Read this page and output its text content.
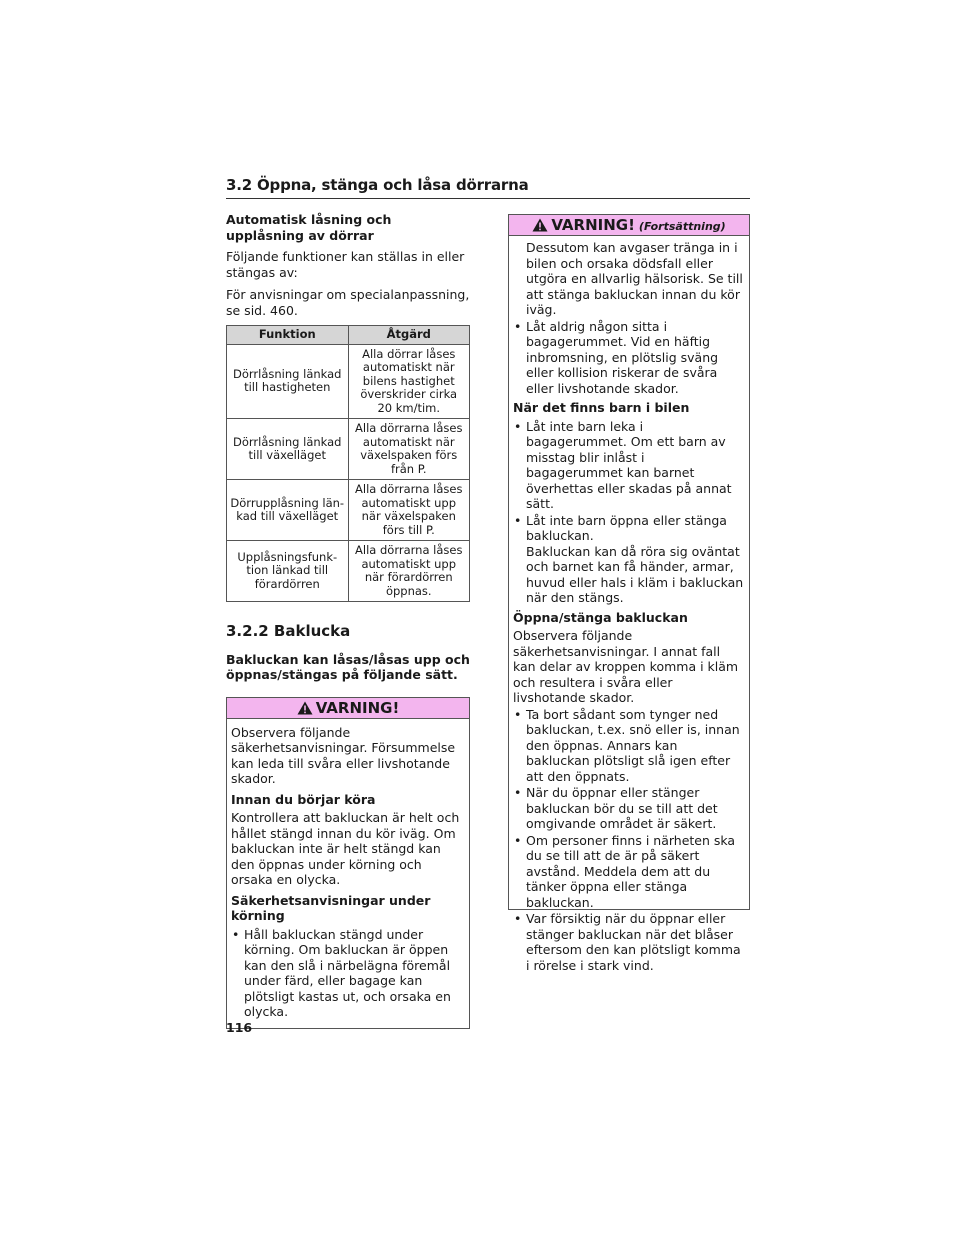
3.2 Öppna, stänga och låsa dörrarna
Automatisk låsning och upplåsning av dörrar

Följande funktioner kan ställas in eller stängas av:

För anvisningar om specialanpassning, se sid. 460.

Funktion	Åtgärd
Dörrlåsning länkad till hastigheten	Alla dörrar låses automatiskt när bilens hastighet överskrider cirka 20 km/tim.
Dörrlåsning länkad till växelläget	Alla dörrarna låses automatiskt när växelspaken förs från P.
Dörrupplåsning län-kad till växelläget	Alla dörrarna låses automatiskt upp när växelspaken förs till P.
Upplåsningsfunk-tion länkad till förardörren	Alla dörrarna låses automatiskt upp när förardörren öppnas.
3.2.2 Baklucka
Bakluckan kan låsas/låsas upp och öppnas/stängas på följande sätt.
VARNING!

Observera följande säkerhetsanvisningar. Försummelse kan leda till svåra eller livshotande skador.

Innan du börjar köra

Kontrollera att bakluckan är helt och hållet stängd innan du kör iväg. Om bakluckan inte är helt stängd kan den öppnas under körning och orsaka en olycka.

Säkerhetsanvisningar under körning
• Håll bakluckan stängd under körning. Om bakluckan är öppen kan den slå i närbelägna föremål under färd, eller bagage kan plötsligt kastas ut, och orsaka en olycka.
VARNING! (Fortsättning)
Dessutom kan avgaser tränga in i bilen och orsaka dödsfall eller utgöra en allvarlig hälsorisk. Se till att stänga bakluckan innan du kör iväg.
• Låt aldrig någon sitta i bagagerummet. Vid en häftig inbromsning, en plötslig sväng eller kollision riskerar de svåra eller livshotande skador.
När det finns barn i bilen
• Låt inte barn leka i bagagerummet. Om ett barn av misstag blir inlåst i bagagerummet kan barnet överhettas eller skadas på annat sätt.
• Låt inte barn öppna eller stänga bakluckan.
Bakluckan kan då röra sig oväntat och barnet kan få händer, armar, huvud eller hals i kläm i bakluckan när den stängs.
Öppna/stänga bakluckan

Observera följande säkerhetsanvisningar. I annat fall kan delar av kroppen komma i kläm och resultera i svåra eller livshotande skador.

• Ta bort sådant som tynger ned bakluckan, t.ex. snö eller is, innan den öppnas. Annars kan bakluckan plötsligt slå igen efter att den öppnats.
• När du öppnar eller stänger bakluckan bör du se till att det omgivande området är säkert.
• Om personer finns i närheten ska du se till att de är på säkert avstånd. Meddela dem att du tänker öppna eller stänga bakluckan.
• Var försiktig när du öppnar eller stänger bakluckan när det blåser eftersom den kan plötsligt komma i rörelse i stark vind.
116
